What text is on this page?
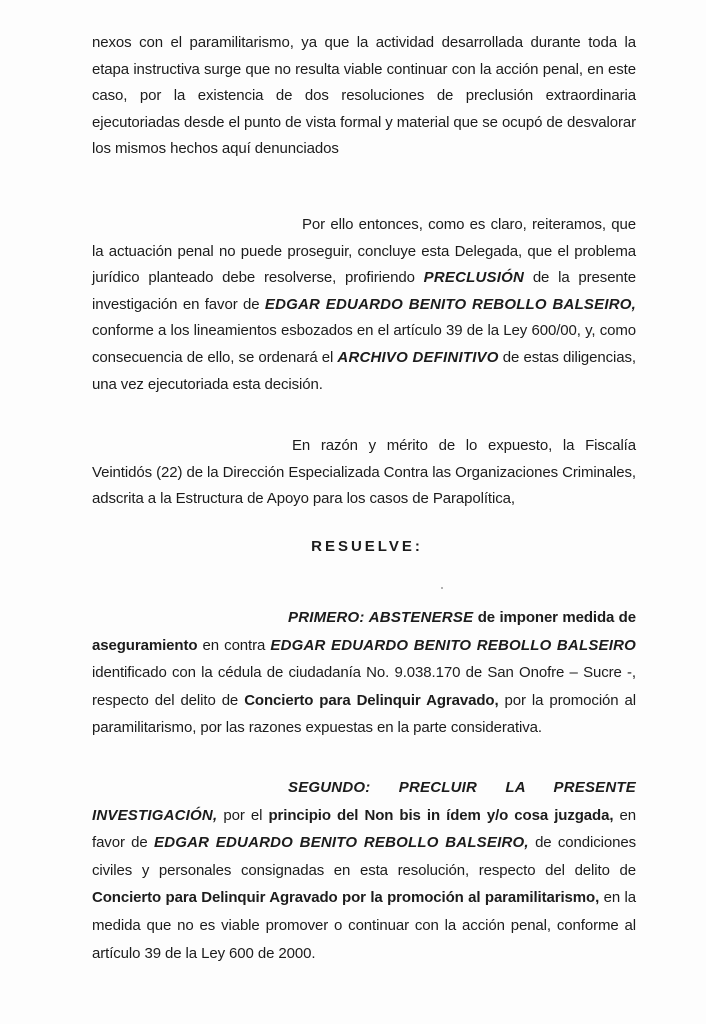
nexos con el paramilitarismo, ya que la actividad desarrollada durante toda la etapa instructiva surge que no resulta viable continuar con la acción penal, en este caso, por la existencia de dos resoluciones de preclusión extraordinaria ejecutoriadas desde el punto de vista formal y material que se ocupó de desvalorar los mismos hechos aquí denunciados

Por ello entonces, como es claro, reiteramos, que la actuación penal no puede proseguir, concluye esta Delegada, que el problema jurídico planteado debe resolverse, profiriendo PRECLUSIÓN de la presente investigación en favor de EDGAR EDUARDO BENITO REBOLLO BALSEIRO, conforme a los lineamientos esbozados en el artículo 39 de la Ley 600/00, y, como consecuencia de ello, se ordenará el ARCHIVO DEFINITIVO de estas diligencias, una vez ejecutoriada esta decisión.

En razón y mérito de lo expuesto, la Fiscalía Veintidós (22) de la Dirección Especializada Contra las Organizaciones Criminales, adscrita a la Estructura de Apoyo para los casos de Parapolítica,

RESUELVE:

PRIMERO: ABSTENERSE de imponer medida de aseguramiento en contra EDGAR EDUARDO BENITO REBOLLO BALSEIRO identificado con la cédula de ciudadanía No. 9.038.170 de San Onofre – Sucre -, respecto del delito de Concierto para Delinquir Agravado, por la promoción al paramilitarismo, por las razones expuestas en la parte considerativa.

SEGUNDO: PRECLUIR LA PRESENTE INVESTIGACIÓN, por el principio del Non bis in ídem y/o cosa juzgada, en favor de EDGAR EDUARDO BENITO REBOLLO BALSEIRO, de condiciones civiles y personales consignadas en esta resolución, respecto del delito de Concierto para Delinquir Agravado por la promoción al paramilitarismo, en la medida que no es viable promover o continuar con la acción penal, conforme al artículo 39 de la Ley 600 de 2000.
